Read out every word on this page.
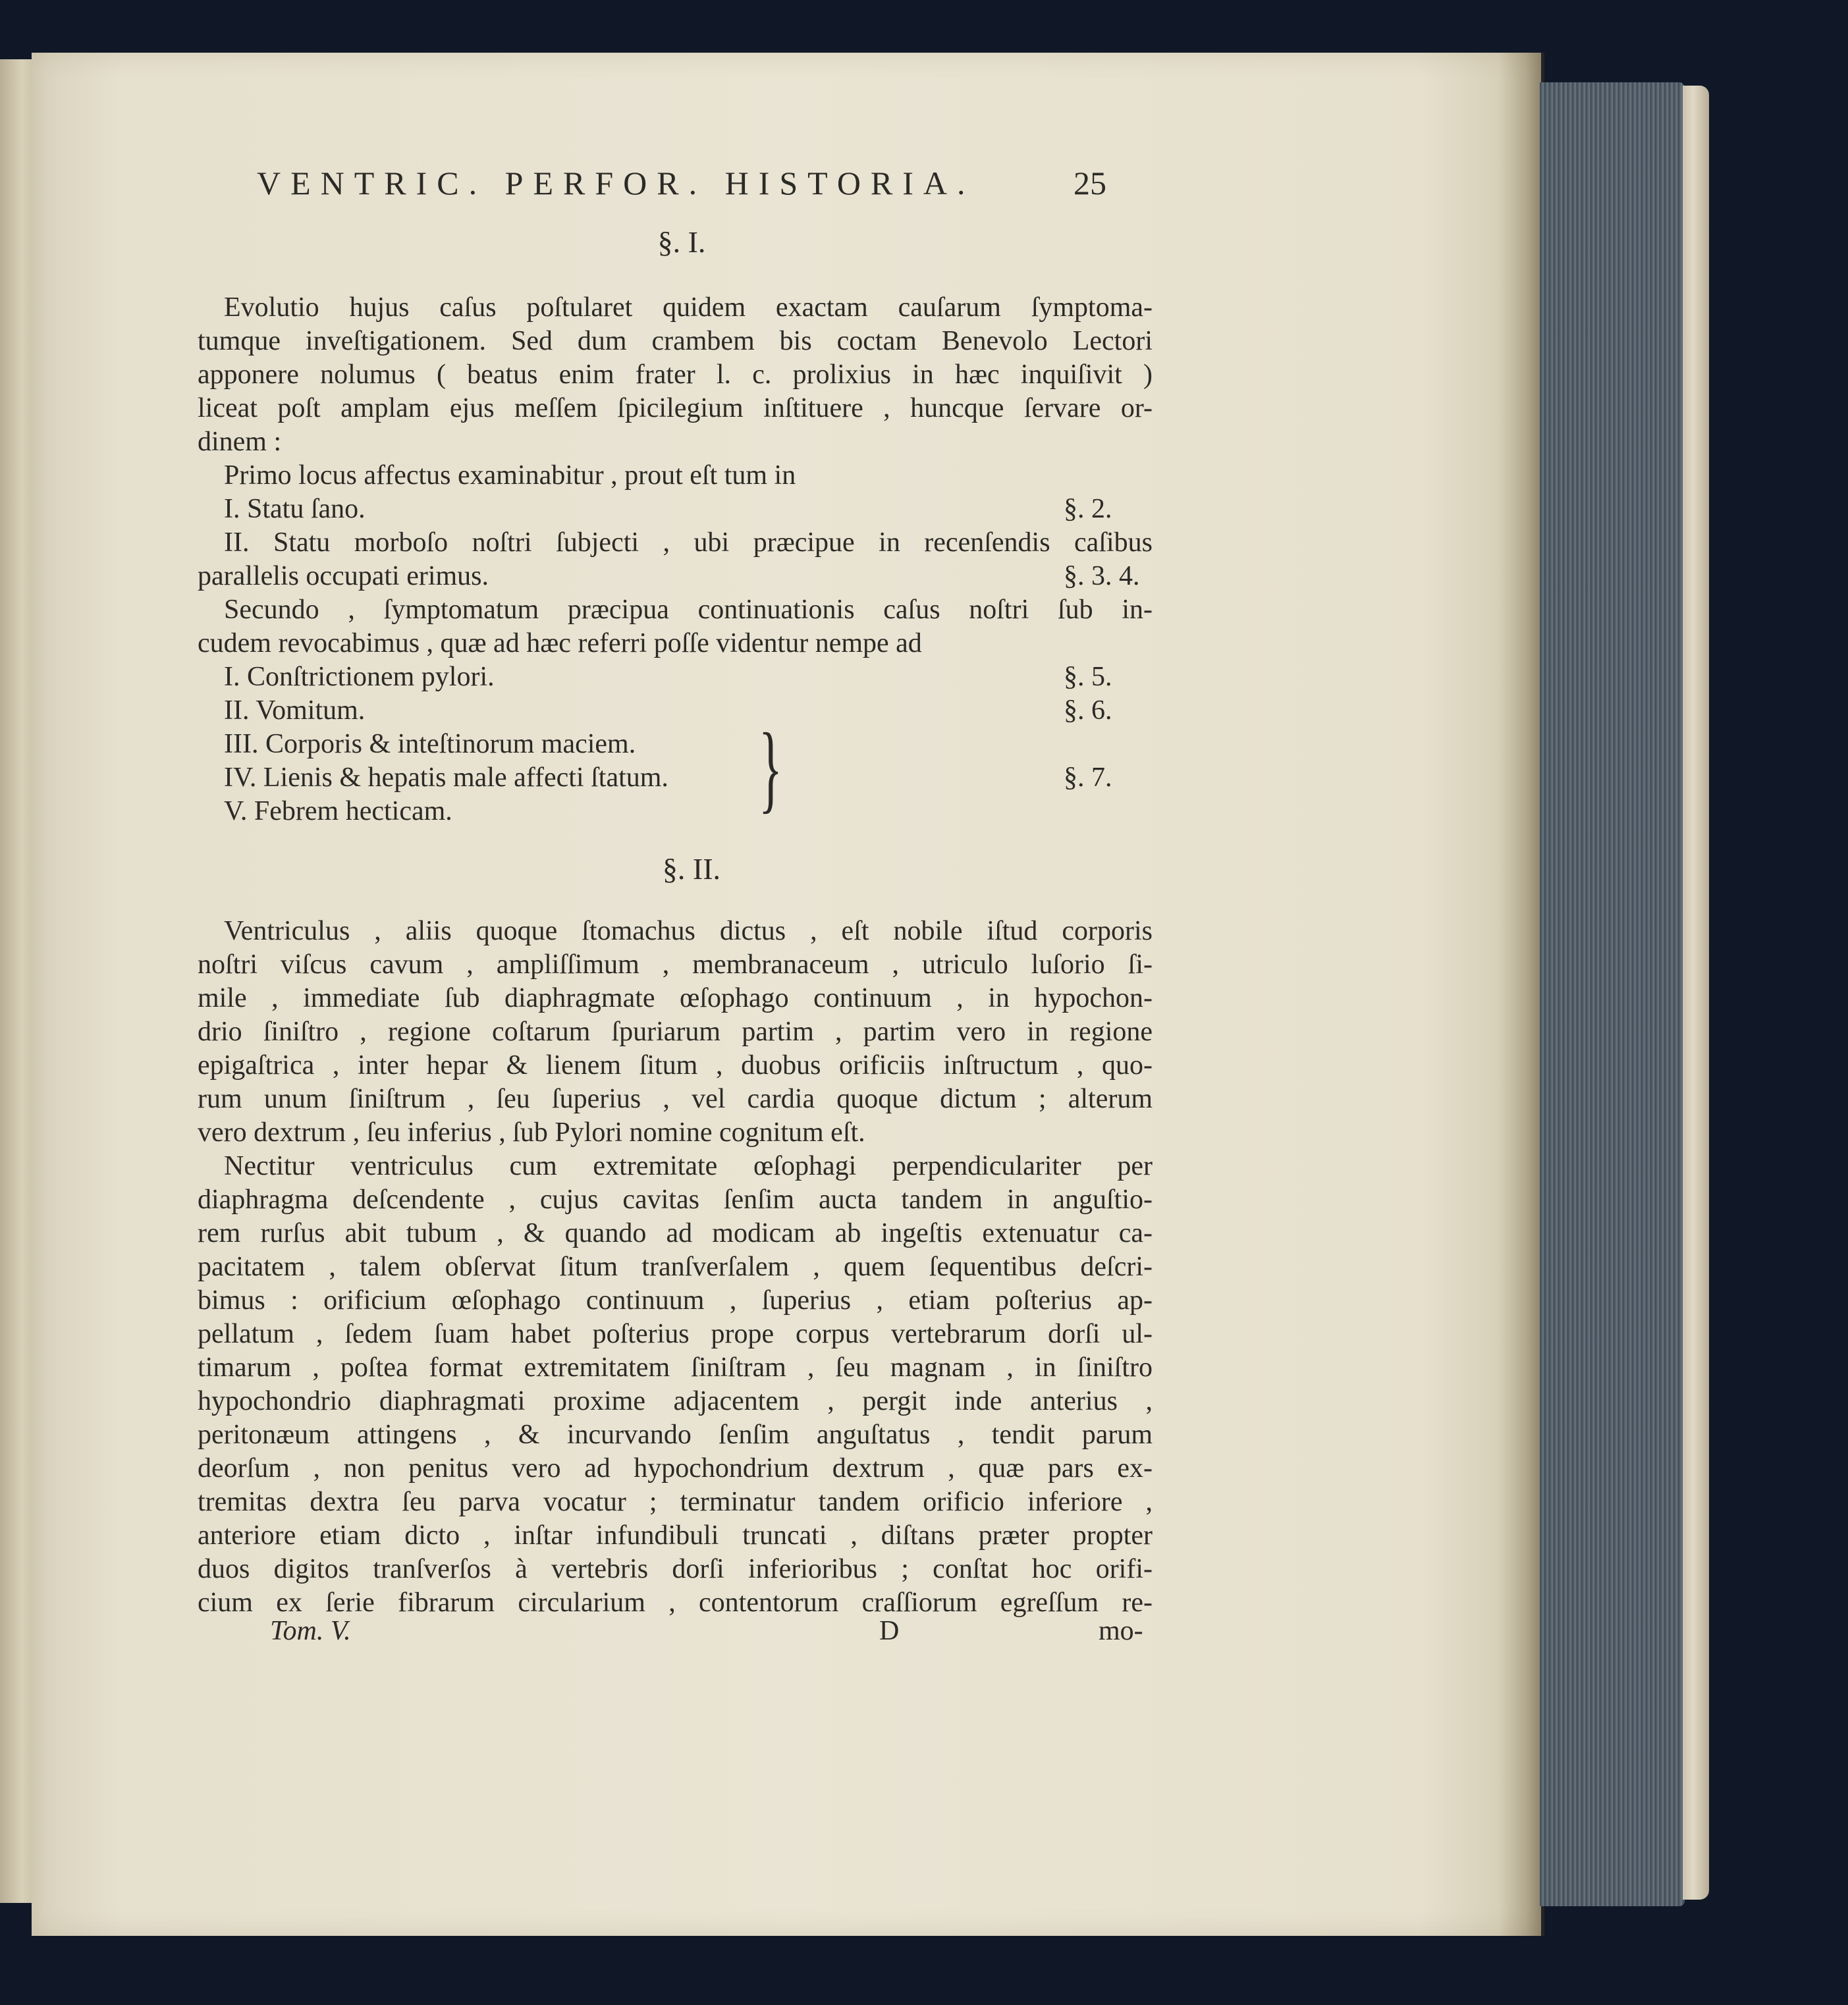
VENTRIC. PERFOR. HISTORIA.	25
§. I.
Evolutio hujus caſus poſtularet quidem exactam cauſarum ſymptoma-
tumque inveſtigationem. Sed dum crambem bis coctam Benevolo Lectori
apponere nolumus ( beatus enim frater l. c. prolixius in hæc inquiſivit )
liceat poſt amplam ejus meſſem ſpicilegium inſtituere , huncque ſervare or-
dinem :
Primo locus affectus examinabitur , prout eſt tum in
I. Statu ſano.	§. 2.
II. Statu morboſo noſtri ſubjecti , ubi præcipue in recenſendis caſibus
parallelis occupati erimus.	§. 3. 4.
Secundo , ſymptomatum præcipua continuationis caſus noſtri ſub in-
cudem revocabimus , quæ ad hæc referri poſſe videntur nempe ad
I. Conſtrictionem pylori.	§. 5.
II. Vomitum.	§. 6.
III. Corporis & inteſtinorum maciem.
IV. Lienis & hepatis male affecti ſtatum.	§. 7.
V. Febrem hecticam.	}
§. II.
Ventriculus , aliis quoque ſtomachus dictus , eſt nobile iſtud corporis
noſtri viſcus cavum , ampliſſimum , membranaceum , utriculo luſorio ſi-
mile , immediate ſub diaphragmate œſophago continuum , in hypochon-
drio ſiniſtro , regione coſtarum ſpuriarum partim , partim vero in regione
epigaſtrica , inter hepar & lienem ſitum , duobus orificiis inſtructum , quo-
rum unum ſiniſtrum , ſeu ſuperius , vel cardia quoque dictum ; alterum
vero dextrum , ſeu inferius , ſub Pylori nomine cognitum eſt.
Nectitur ventriculus cum extremitate œſophagi perpendiculariter per
diaphragma deſcendente , cujus cavitas ſenſim aucta tandem in anguſtio-
rem rurſus abit tubum , & quando ad modicam ab ingeſtis extenuatur ca-
pacitatem , talem obſervat ſitum tranſverſalem , quem ſequentibus deſcri-
bimus : orificium œſophago continuum , ſuperius , etiam poſterius ap-
pellatum , ſedem ſuam habet poſterius prope corpus vertebrarum dorſi ul-
timarum , poſtea format extremitatem ſiniſtram , ſeu magnam , in ſiniſtro
hypochondrio diaphragmati proxime adjacentem , pergit inde anterius ,
peritonæum attingens , & incurvando ſenſim anguſtatus , tendit parum
deorſum , non penitus vero ad hypochondrium dextrum , quæ pars ex-
tremitas dextra ſeu parva vocatur ; terminatur tandem orificio inferiore ,
anteriore etiam dicto , inſtar infundibuli truncati , diſtans præter propter
duos digitos tranſverſos à vertebris dorſi inferioribus ; conſtat hoc orifi-
cium ex ſerie fibrarum circularium , contentorum craſſiorum egreſſum re-
Tom. V.	D	mo-
